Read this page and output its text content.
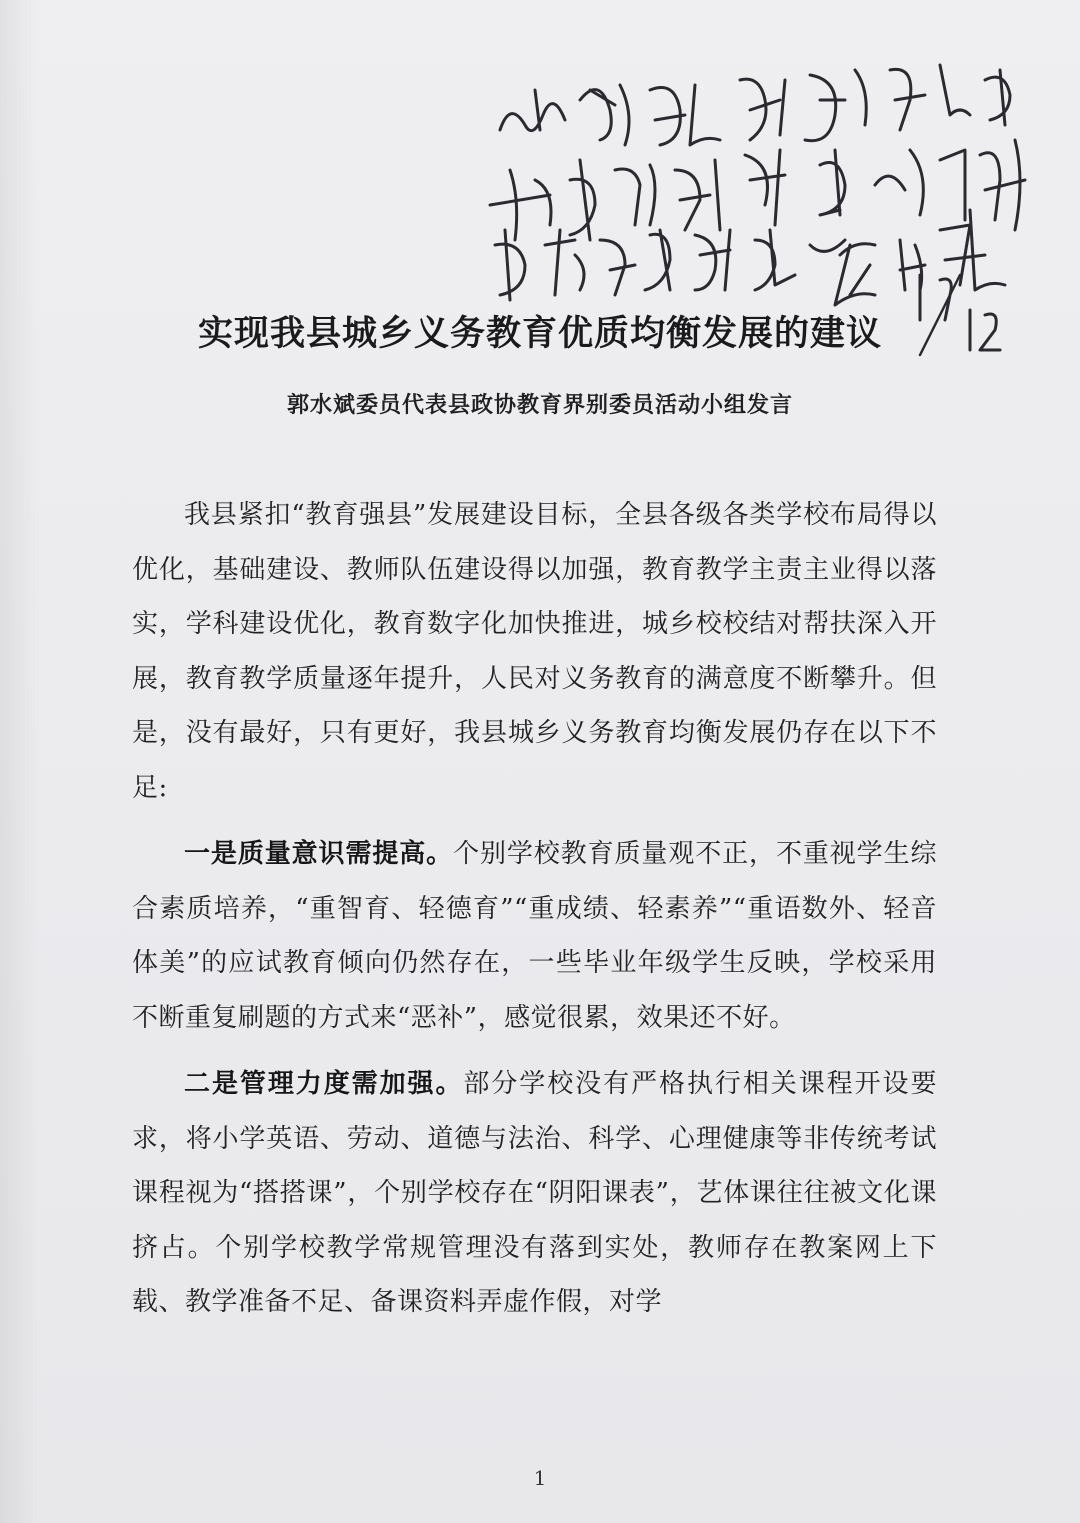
实现我县城乡义务教育优质均衡发展的建议
郭水斌委员代表县政协教育界别委员活动小组发言

我县紧扣“教育强县”发展建设目标，全县各级各类学校布局得以优化，基础建设、教师队伍建设得以加强，教育教学主责主业得以落实，学科建设优化，教育数字化加快推进，城乡校校结对帮扶深入开展，教育教学质量逐年提升，人民对义务教育的满意度不断攀升。但是，没有最好，只有更好，我县城乡义务教育均衡发展仍存在以下不足:

一是质量意识需提高。个别学校教育质量观不正，不重视学生综合素质培养，“重智育、轻德育”“重成绩、轻素养”“重语数外、轻音体美”的应试教育倾向仍然存在，一些毕业年级学生反映，学校采用不断重复刷题的方式来“恶补”，感觉很累，效果还不好。

二是管理力度需加强。部分学校没有严格执行相关课程开设要求，将小学英语、劳动、道德与法治、科学、心理健康等非传统考试课程视为“搭搭课”，个别学校存在“阴阳课表”，艺体课往往被文化课挤占。个别学校教学常规管理没有落到实处，教师存在教案网上下载、教学准备不足、备课资料弄虚作假，对学

1
